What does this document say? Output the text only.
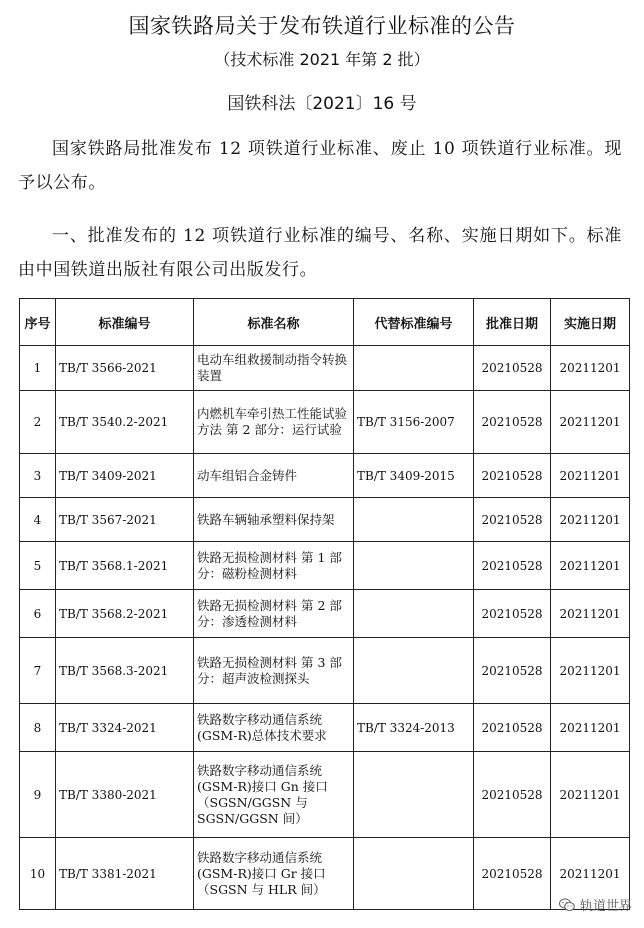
国家铁路局关于发布铁道行业标准的公告
（技术标准 2021 年第 2 批）
国铁科法〔2021〕16 号
国家铁路局批准发布 12 项铁道行业标准、废止 10 项铁道行业标准。现予以公布。
一、批准发布的 12 项铁道行业标准的编号、名称、实施日期如下。标准由中国铁道出版社有限公司出版发行。
序号	标准编号	标准名称	代替标准编号	批准日期	实施日期
1	TB/T 3566-2021	电动车组救援制动指令转换装置		20210528	20211201
2	TB/T 3540.2-2021	内燃机车牵引热工性能试验方法 第 2 部分：运行试验	TB/T 3156-2007	20210528	20211201
3	TB/T 3409-2021	动车组铝合金铸件	TB/T 3409-2015	20210528	20211201
4	TB/T 3567-2021	铁路车辆轴承塑料保持架		20210528	20211201
5	TB/T 3568.1-2021	铁路无损检测材料 第 1 部分：磁粉检测材料		20210528	20211201
6	TB/T 3568.2-2021	铁路无损检测材料 第 2 部分：渗透检测材料		20210528	20211201
7	TB/T 3568.3-2021	铁路无损检测材料 第 3 部分：超声波检测探头		20210528	20211201
8	TB/T 3324-2021	铁路数字移动通信系统(GSM-R)总体技术要求	TB/T 3324-2013	20210528	20211201
9	TB/T 3380-2021	铁路数字移动通信系统(GSM-R)接口 Gn 接口（SGSN/GGSN 与 SGSN/GGSN 间）		20210528	20211201
10	TB/T 3381-2021	铁路数字移动通信系统(GSM-R)接口 Gr 接口（SGSN 与 HLR 间）		20210528	20211201
轨道世界
